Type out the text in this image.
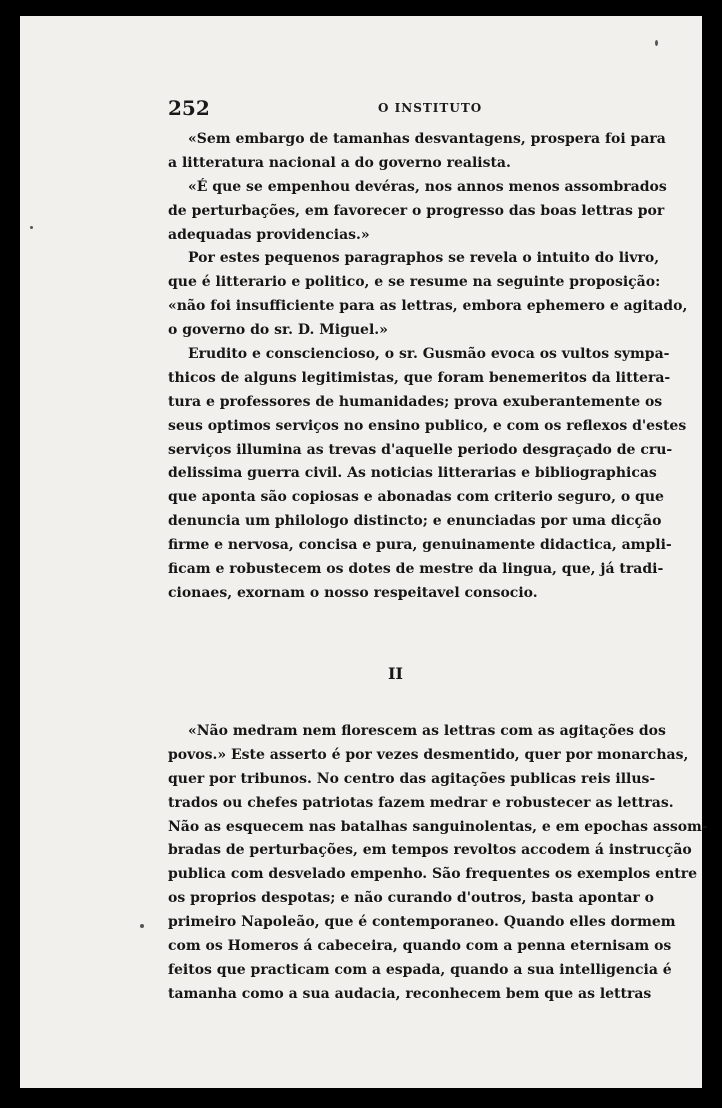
252	O INSTITUTO
«Sem embargo de tamanhas desvantagens, prospera foi para
a litteratura nacional a do governo realista.
«É que se empenhou devéras, nos annos menos assombrados
de perturbações, em favorecer o progresso das boas lettras por
adequadas providencias.»
Por estes pequenos paragraphos se revela o intuito do livro,
que é litterario e politico, e se resume na seguinte proposição:
«não foi insufficiente para as lettras, embora ephemero e agitado,
o governo do sr. D. Miguel.»
Erudito e consciencioso, o sr. Gusmão evoca os vultos sympa-
thicos de alguns legitimistas, que foram benemeritos da littera-
tura e professores de humanidades; prova exuberantemente os
seus optimos serviços no ensino publico, e com os reflexos d'estes
serviços illumina as trevas d'aquelle periodo desgraçado de cru-
delissima guerra civil. As noticias litterarias e bibliographicas
que aponta são copiosas e abonadas com criterio seguro, o que
denuncia um philologo distincto; e enunciadas por uma dicção
firme e nervosa, concisa e pura, genuinamente didactica, ampli-
ficam e robustecem os dotes de mestre da lingua, que, já tradi-
cionaes, exornam o nosso respeitavel consocio.
II
«Não medram nem florescem as lettras com as agitações dos
povos.» Este asserto é por vezes desmentido, quer por monarchas,
quer por tribunos. No centro das agitações publicas reis illus-
trados ou chefes patriotas fazem medrar e robustecer as lettras.
Não as esquecem nas batalhas sanguinolentas, e em epochas assom-
bradas de perturbações, em tempos revoltos accodem á instrucção
publica com desvelado empenho. São frequentes os exemplos entre
os proprios despotas; e não curando d'outros, basta apontar o
primeiro Napoleão, que é contemporaneo. Quando elles dormem
com os Homeros á cabeceira, quando com a penna eternisam os
feitos que practicam com a espada, quando a sua intelligencia é
tamanha como a sua audacia, reconhecem bem que as lettras
